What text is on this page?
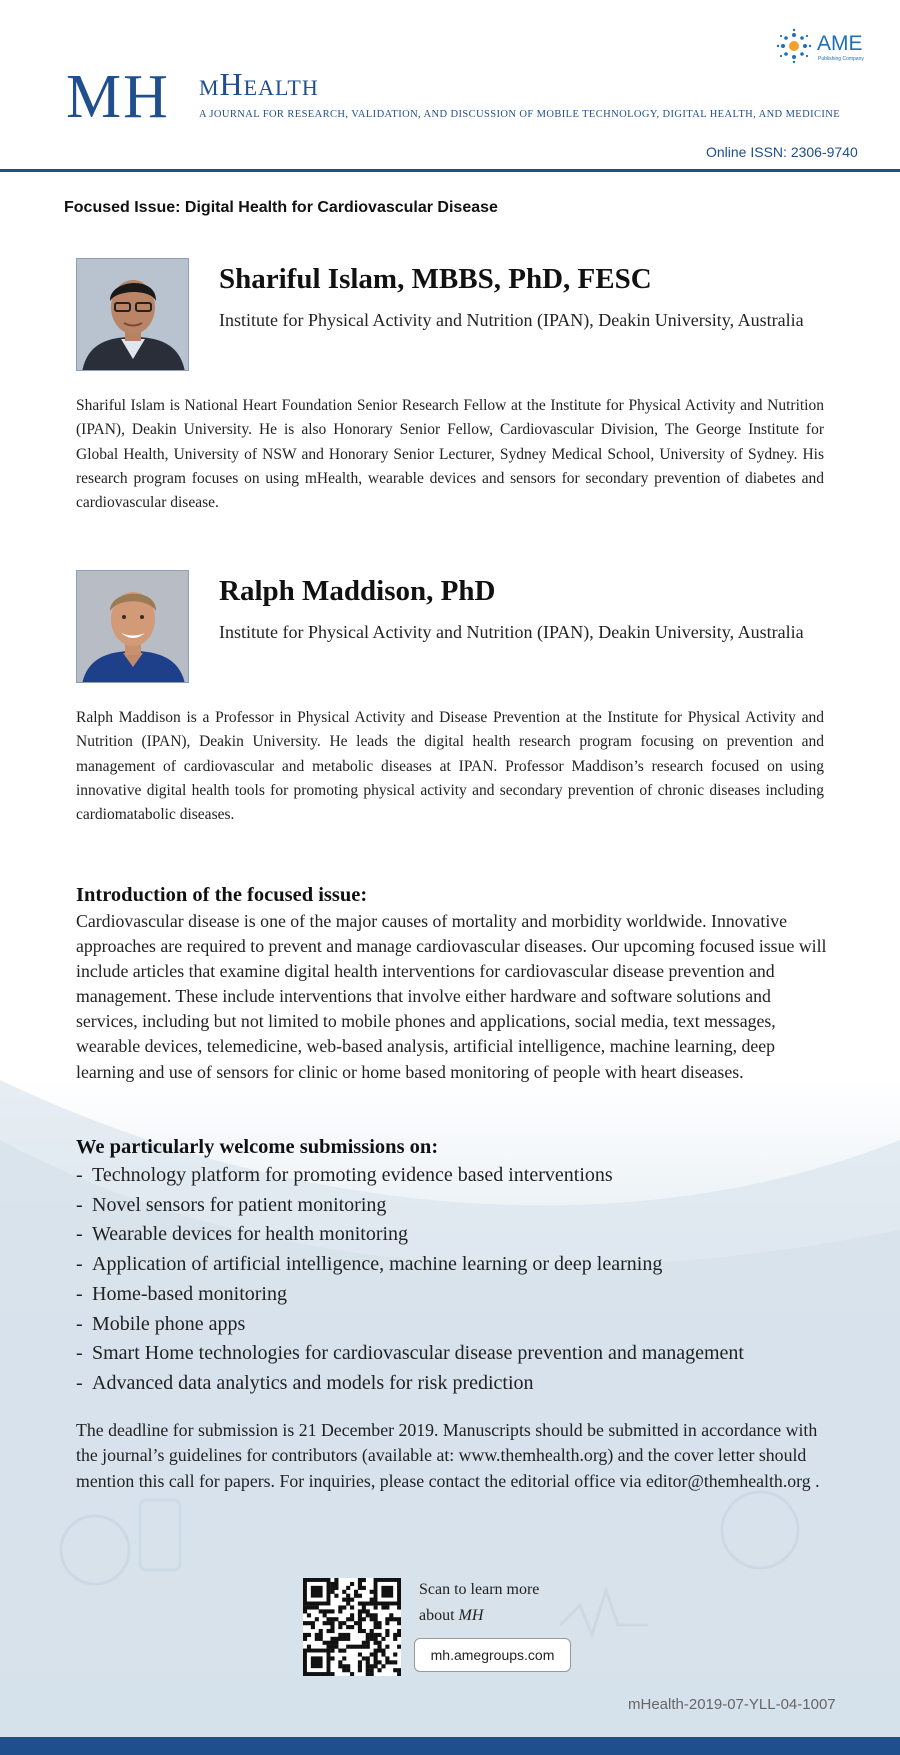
MH mHealth
A JOURNAL FOR RESEARCH, VALIDATION, AND DISCUSSION OF MOBILE TECHNOLOGY, DIGITAL HEALTH, AND MEDICINE
AME
Publishing Company
Online ISSN: 2306-9740
Focused Issue: Digital Health for Cardiovascular Disease
Shariful Islam, MBBS, PhD, FESC
Institute for Physical Activity and Nutrition (IPAN), Deakin University, Australia
Shariful Islam is National Heart Foundation Senior Research Fellow at the Institute for Physical Activity and Nutrition (IPAN), Deakin University. He is also Honorary Senior Fellow, Cardiovascular Division, The George Institute for Global Health, University of NSW and Honorary Senior Lecturer, Sydney Medical School, University of Sydney. His research program focuses on using mHealth, wearable devices and sensors for secondary prevention of diabetes and cardiovascular disease.
Ralph Maddison, PhD
Institute for Physical Activity and Nutrition (IPAN), Deakin University, Australia
Ralph Maddison is a Professor in Physical Activity and Disease Prevention at the Institute for Physical Activity and Nutrition (IPAN), Deakin University. He leads the digital health research program focusing on prevention and management of cardiovascular and metabolic diseases at IPAN. Professor Maddison’s research focused on using innovative digital health tools for promoting physical activity and secondary prevention of chronic diseases including cardiomatabolic diseases.
Introduction of the focused issue:
Cardiovascular disease is one of the major causes of mortality and morbidity worldwide. Innovative approaches are required to prevent and manage cardiovascular diseases. Our upcoming focused issue will include articles that examine digital health interventions for cardiovascular disease prevention and management. These include interventions that involve either hardware and software solutions and services, including but not limited to mobile phones and applications, social media, text messages, wearable devices, telemedicine, web-based analysis, artificial intelligence, machine learning, deep learning and use of sensors for clinic or home based monitoring of people with heart diseases.
We particularly welcome submissions on:
- Technology platform for promoting evidence based interventions
- Novel sensors for patient monitoring
- Wearable devices for health monitoring
- Application of artificial intelligence, machine learning or deep learning
- Home-based monitoring
- Mobile phone apps
- Smart Home technologies for cardiovascular disease prevention and management
- Advanced data analytics and models for risk prediction
The deadline for submission is 21 December 2019. Manuscripts should be submitted in accordance with the journal’s guidelines for contributors (available at: www.themhealth.org) and the cover letter should mention this call for papers. For inquiries, please contact the editorial office via editor@themhealth.org .
Scan to learn more
about MH
mh.amegroups.com
mHealth-2019-07-YLL-04-1007
